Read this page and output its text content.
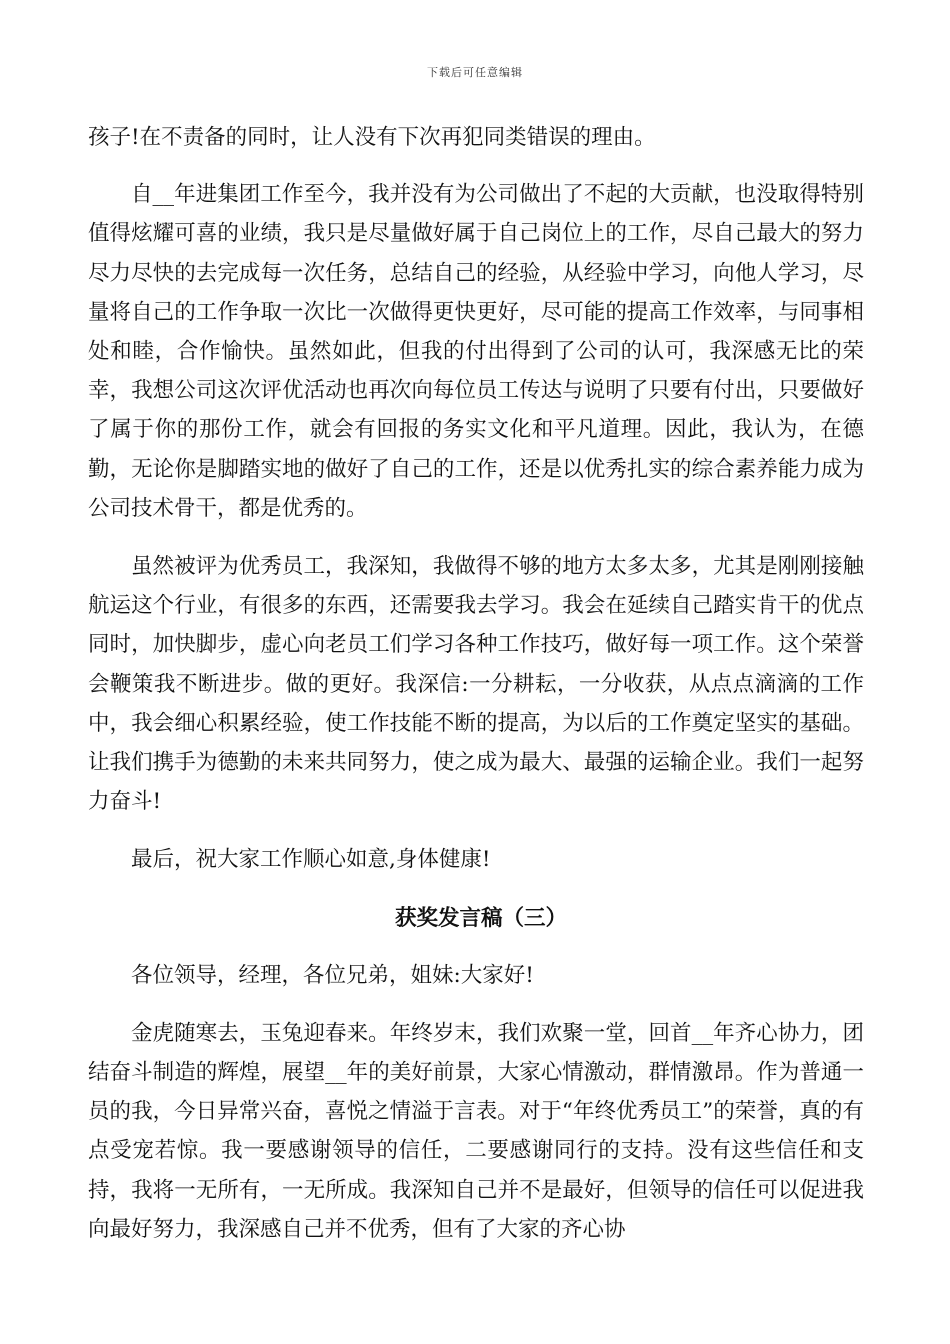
下载后可任意编辑

孩子!在不责备的同时，让人没有下次再犯同类错误的理由。

自__年进集团工作至今，我并没有为公司做出了不起的大贡献，也没取得特别值得炫耀可喜的业绩，我只是尽量做好属于自己岗位上的工作，尽自己最大的努力尽力尽快的去完成每一次任务，总结自己的经验，从经验中学习，向他人学习，尽量将自己的工作争取一次比一次做得更快更好，尽可能的提高工作效率，与同事相处和睦，合作愉快。虽然如此，但我的付出得到了公司的认可，我深感无比的荣幸，我想公司这次评优活动也再次向每位员工传达与说明了只要有付出，只要做好了属于你的那份工作，就会有回报的务实文化和平凡道理。因此，我认为，在德勤，无论你是脚踏实地的做好了自己的工作，还是以优秀扎实的综合素养能力成为公司技术骨干，都是优秀的。

虽然被评为优秀员工，我深知，我做得不够的地方太多太多，尤其是刚刚接触航运这个行业，有很多的东西，还需要我去学习。我会在延续自己踏实肯干的优点同时，加快脚步，虚心向老员工们学习各种工作技巧，做好每一项工作。这个荣誉会鞭策我不断进步。做的更好。我深信:一分耕耘，一分收获，从点点滴滴的工作中，我会细心积累经验，使工作技能不断的提高，为以后的工作奠定坚实的基础。让我们携手为德勤的未来共同努力，使之成为最大、最强的运输企业。我们一起努力奋斗!

最后，祝大家工作顺心如意,身体健康!

获奖发言稿（三）

各位领导，经理，各位兄弟，姐妹:大家好!

金虎随寒去，玉兔迎春来。年终岁末，我们欢聚一堂，回首__年齐心协力，团结奋斗制造的辉煌，展望__年的美好前景，大家心情激动，群情激昂。作为普通一员的我，今日异常兴奋，喜悦之情溢于言表。对于“年终优秀员工”的荣誉，真的有点受宠若惊。我一要感谢领导的信任，二要感谢同行的支持。没有这些信任和支持，我将一无所有，一无所成。我深知自己并不是最好，但领导的信任可以促进我向最好努力，我深感自己并不优秀，但有了大家的齐心协
